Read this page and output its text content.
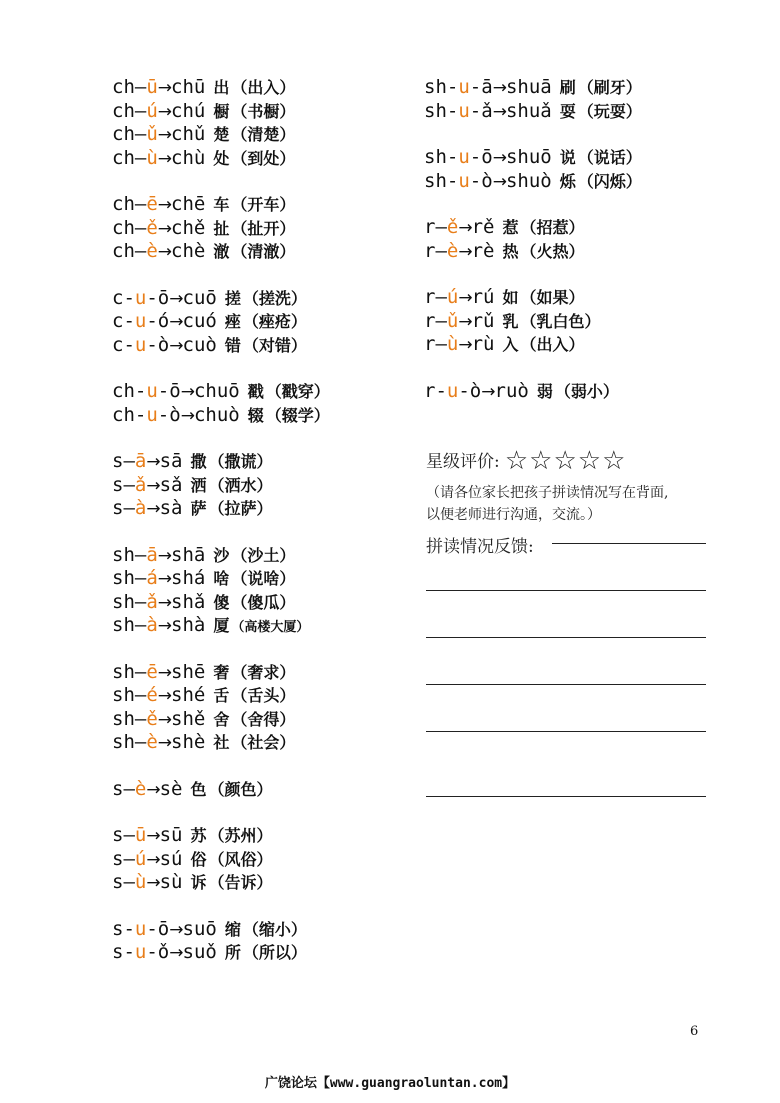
ch—ū→chū 出 （出入）
ch—ú→chú 橱 （书橱）
ch—ǔ→chǔ 楚 （清楚）
ch—ù→chù 处 （到处）
ch—ē→chē 车 （开车）
ch—ě→chě 扯 （扯开）
ch—è→chè 澈 （清澈）
c-u-ō→cuō 搓 （搓洗）
c-u-ó→cuó 痤 （痤疮）
c-u-ò→cuò 错 （对错）
ch-u-ō→chuō 戳 （戳穿）
ch-u-ò→chuò 辍 （辍学）
s—ā→sā 撒 （撒谎）
s—ǎ→sǎ 洒 （洒水）
s—à→sà 萨 （拉萨）
sh—ā→shā 沙 （沙土）
sh—á→shá 啥 （说啥）
sh—ǎ→shǎ 傻 （傻瓜）
sh—à→shà 厦 （高楼大厦）
sh—ē→shē 奢 （奢求）
sh—é→shé 舌 （舌头）
sh—ě→shě 舍 （舍得）
sh—è→shè 社 （社会）
s—è→sè 色 （颜色）
s—ū→sū 苏 （苏州）
s—ú→sú 俗 （风俗）
s—ù→sù 诉 （告诉）
s-u-ō→suō 缩 （缩小）
s-u-ǒ→suǒ 所 （所以）
sh-u-ā→shuā 刷 （刷牙）
sh-u-ǎ→shuǎ 耍 （玩耍）
sh-u-ō→shuō 说 （说话）
sh-u-ò→shuò 烁 （闪烁）
r—ě→rě 惹 （招惹）
r—è→rè 热 （火热）
r—ú→rú 如 （如果）
r—ǔ→rǔ 乳 （乳白色）
r—ù→rù 入 （出入）
r-u-ò→ruò 弱 （弱小）
星级评价: ☆☆☆☆☆
（请各位家长把孩子拼读情况写在背面,
以便老师进行沟通，交流。）
拼读情况反馈:
6
广饶论坛【www.guangraoluntan.com】
